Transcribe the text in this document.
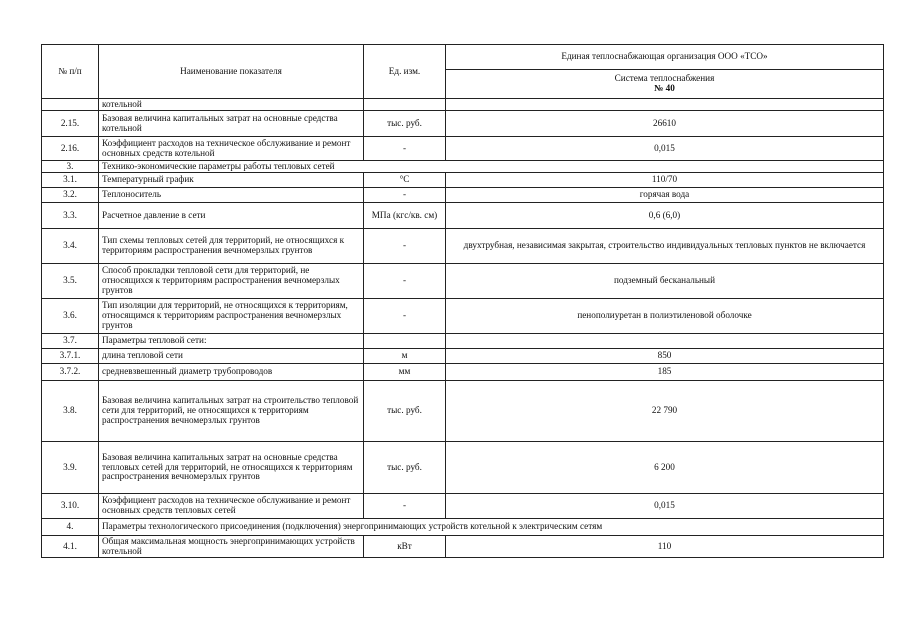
№ п/п	Наименование показателя	Ед. изм.	Единая теплоснабжающая организация ООО «ТСО»

			Система теплоснабжения
№ 40

	котельной		
2.15.	Базовая величина капитальных затрат на основные средства котельной	тыс. руб.	26610
2.16.	Коэффициент расходов на техническое обслуживание и ремонт основных средств котельной	-	0,015
3.	Технико-экономические параметры работы тепловых сетей		
3.1.	Температурный график	°С	110/70
3.2.	Теплоноситель	-	горячая вода
3.3.	Расчетное давление в сети	МПа (кгс/кв. см)	0,6 (6,0)
3.4.	Тип схемы тепловых сетей для территорий, не относящихся к территориям распространения вечномерзлых грунтов	-	двухтрубная, независимая закрытая, строительство индивидуальных тепловых пунктов не включается
3.5.	Способ прокладки тепловой сети для территорий, не относящихся к территориям распространения вечномерзлых грунтов	-	подземный бесканальный
3.6.	Тип изоляции для территорий, не относящихся к территориям, относящимся к территориям распространения вечномерзлых грунтов	-	пенополиуретан в полиэтиленовой оболочке
3.7.	Параметры тепловой сети:		
3.7.1.	длина тепловой сети	м	850
3.7.2.	средневзвешенный диаметр трубопроводов	мм	185
3.8.	Базовая величина капитальных затрат на строительство тепловой сети для территорий, не относящихся к территориям распространения вечномерзлых грунтов	тыс. руб.	22 790
3.9.	Базовая величина капитальных затрат на основные средства тепловых сетей для территорий, не относящихся к территориям распространения вечномерзлых грунтов	тыс. руб.	6 200
3.10.	Коэффициент расходов на техническое обслуживание и ремонт основных средств тепловых сетей	-	0,015
4.	Параметры технологического присоединения (подключения) энергопринимающих устройств котельной к электрическим сетям		
4.1.	Общая максимальная мощность энергопринимающих устройств котельной	кВт	110
